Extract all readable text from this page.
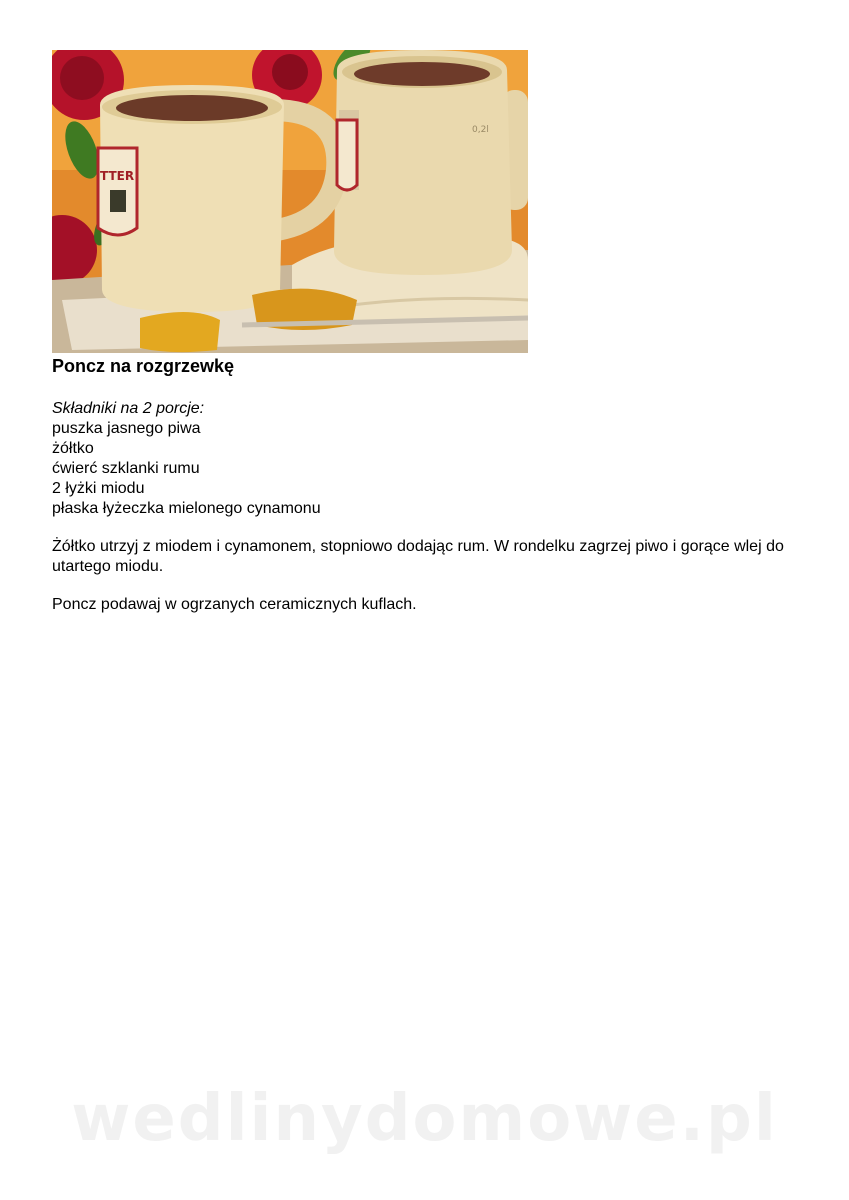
0,2l
TTER
Poncz na rozgrzewkę
Składniki na 2 porcje:
puszka jasnego piwa
żółtko
ćwierć szklanki rumu
2 łyżki miodu
płaska łyżeczka mielonego cynamonu

Żółtko utrzyj z miodem i cynamonem, stopniowo dodając rum. W rondelku zagrzej piwo i gorące wlej do utartego miodu.

Poncz podawaj w ogrzanych ceramicznych kuflach.

wedlinydomowe.pl
